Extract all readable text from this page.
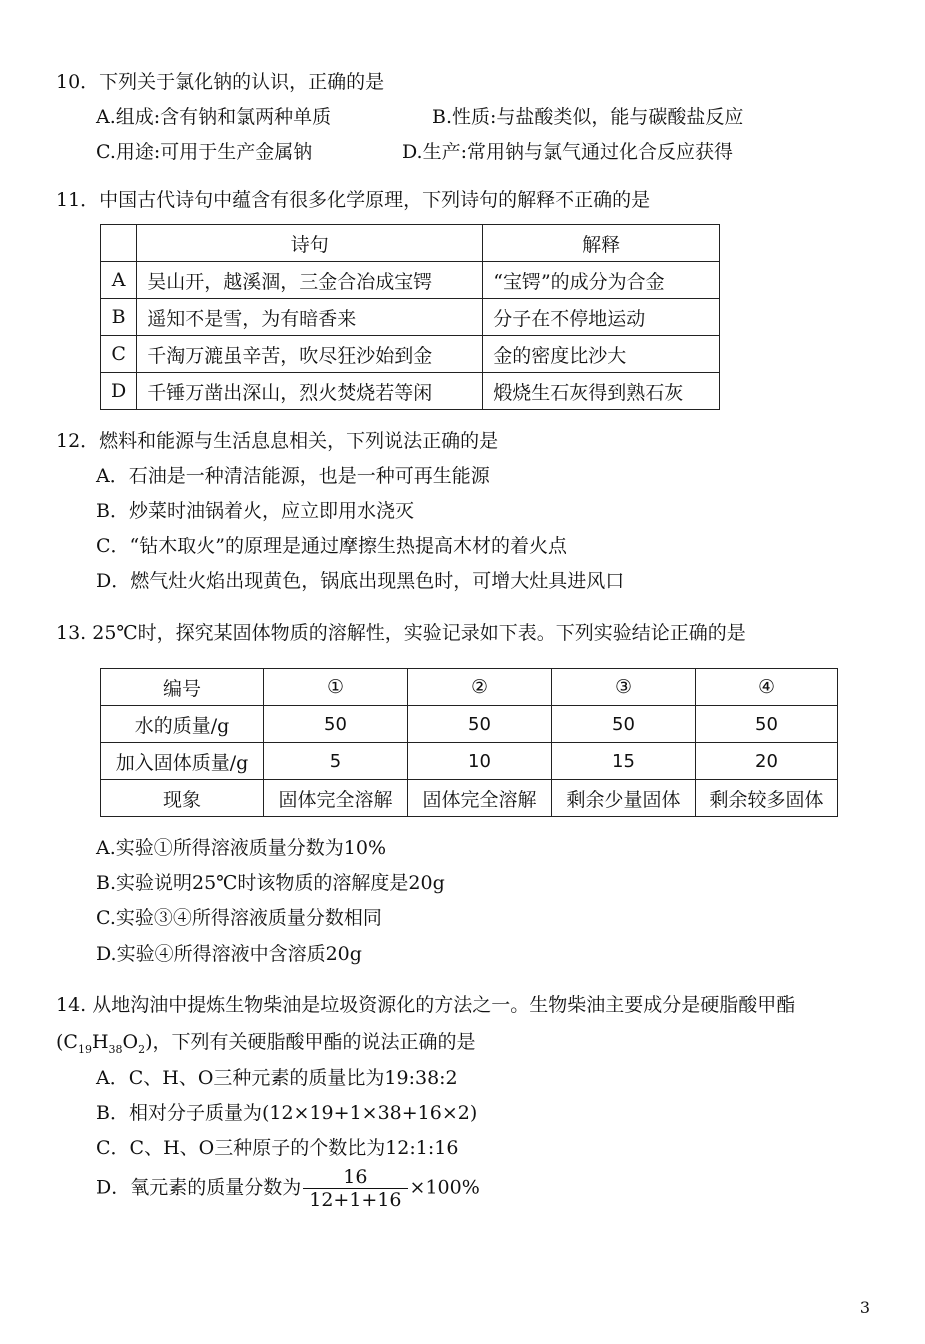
10．下列关于氯化钠的认识，正确的是
A.组成:含有钠和氯两种单质	B.性质:与盐酸类似，能与碳酸盐反应
C.用途:可用于生产金属钠	D.生产:常用钠与氯气通过化合反应获得
11．中国古代诗句中蕴含有很多化学原理，下列诗句的解释不正确的是
	诗句	解释
A	吴山开，越溪涸，三金合冶成宝锷	“宝锷”的成分为合金
B	遥知不是雪，为有暗香来	分子在不停地运动
C	千淘万漉虽辛苦，吹尽狂沙始到金	金的密度比沙大
D	千锤万凿出深山，烈火焚烧若等闲	煅烧生石灰得到熟石灰
12．燃料和能源与生活息息相关，下列说法正确的是
A．石油是一种清洁能源，也是一种可再生能源
B．炒菜时油锅着火，应立即用水浇灭
C．“钻木取火”的原理是通过摩擦生热提高木材的着火点
D．燃气灶火焰出现黄色，锅底出现黑色时，可增大灶具进风口
13. 25℃时，探究某固体物质的溶解性，实验记录如下表。下列实验结论正确的是
编号	①	②	③	④
水的质量/g	50	50	50	50
加入固体质量/g	5	10	15	20
现象	固体完全溶解	固体完全溶解	剩余少量固体	剩余较多固体
A.实验①所得溶液质量分数为10%
B.实验说明25℃时该物质的溶解度是20g
C.实验③④所得溶液质量分数相同
D.实验④所得溶液中含溶质20g
14. 从地沟油中提炼生物柴油是垃圾资源化的方法之一。生物柴油主要成分是硬脂酸甲酯
$(C_{19}H_{38}O_2)$，下列有关硬脂酸甲酯的说法正确的是
A．C、H、O三种元素的质量比为19:38:2
B．相对分子质量为(12×19+1×38+16×2)
C．C、H、O三种原子的个数比为12:1:16
D．氧元素的质量分数为 $\frac{16}{12+1+16} \times 100\%$
3
